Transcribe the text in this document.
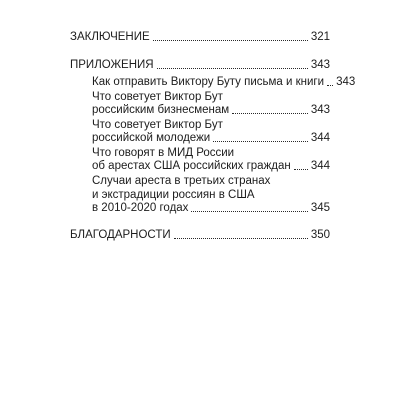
ЗАКЛЮЧЕНИЕ	321
ПРИЛОЖЕНИЯ	343
Как отправить Виктору Буту письма и книги 343
Что советует Виктор Бут
российским бизнесменам	343
Что советует Виктор Бут
российской молодежи	344
Что говорят в МИД России
об арестах США российских граждан 344
Случаи ареста в третьих странах
и экстрадиции россиян в США
в 2010-2020 годах	345
БЛАГОДАРНОСТИ	350
